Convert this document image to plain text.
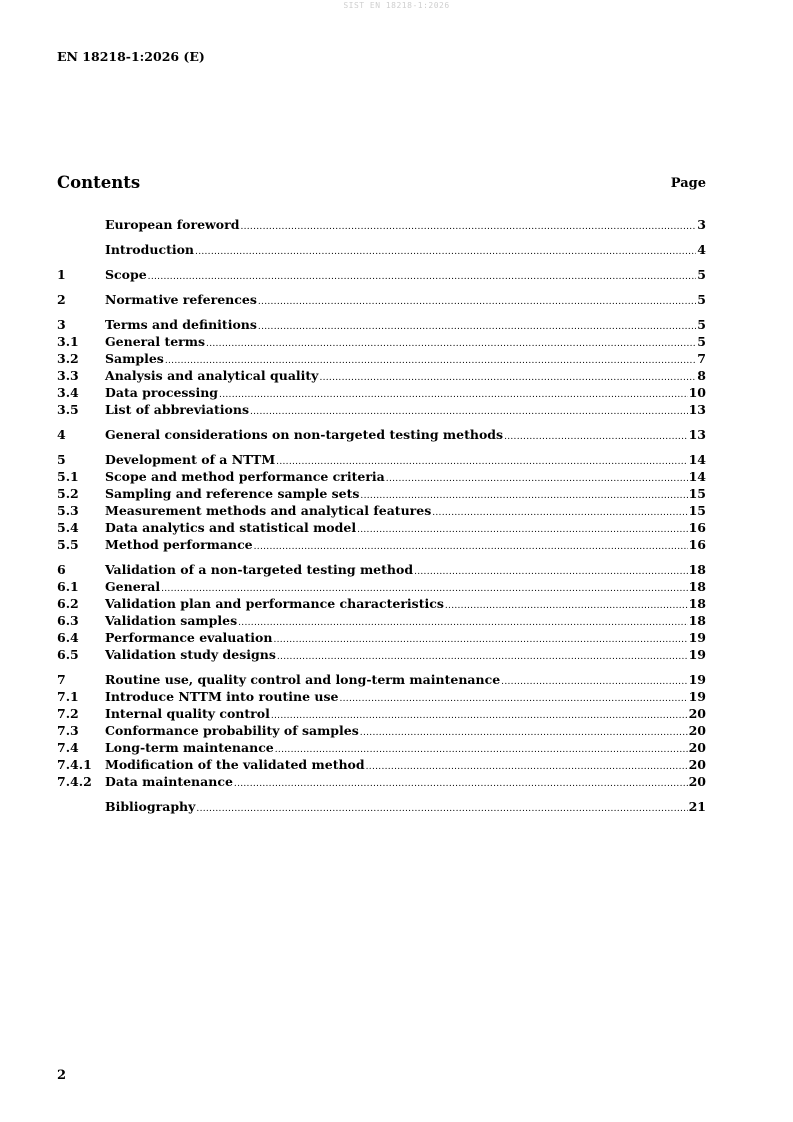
SIST EN 18218-1:2026
EN 18218-1:2026 (E)
Contents	Page
European foreword .....	3
Introduction .....	4
1	Scope .....	5
2	Normative references .....	5
3	Terms and definitions .....	5
3.1	General terms .....	5
3.2	Samples .....	7
3.3	Analysis and analytical quality .....	8
3.4	Data processing .....	10
3.5	List of abbreviations .....	13
4	General considerations on non-targeted testing methods .....	13
5	Development of a NTTM .....	14
5.1	Scope and method performance criteria .....	14
5.2	Sampling and reference sample sets .....	15
5.3	Measurement methods and analytical features .....	15
5.4	Data analytics and statistical model .....	16
5.5	Method performance .....	16
6	Validation of a non-targeted testing method .....	18
6.1	General .....	18
6.2	Validation plan and performance characteristics .....	18
6.3	Validation samples .....	18
6.4	Performance evaluation .....	19
6.5	Validation study designs .....	19
7	Routine use, quality control and long-term maintenance .....	19
7.1	Introduce NTTM into routine use .....	19
7.2	Internal quality control .....	20
7.3	Conformance probability of samples .....	20
7.4	Long-term maintenance .....	20
7.4.1	Modification of the validated method .....	20
7.4.2	Data maintenance .....	20
Bibliography .....	21
2
